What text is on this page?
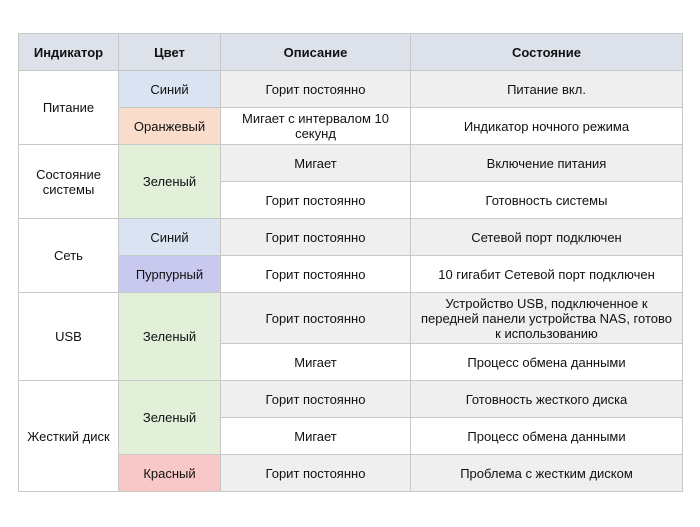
Индикатор	Цвет	Описание	Состояние
Питание	Синий	Горит постоянно	Питание вкл.
	Оранжевый	Мигает с интервалом 10 секунд	Индикатор ночного режима
Состояние системы	Зеленый	Мигает	Включение питания
		Горит постоянно	Готовность системы
Сеть	Синий	Горит постоянно	Сетевой порт подключен
	Пурпурный	Горит постоянно	10 гигабит Сетевой порт подключен
USB	Зеленый	Горит постоянно	Устройство USB, подключенное к передней панели устройства NAS, готово к использованию
		Мигает	Процесс обмена данными
Жесткий диск	Зеленый	Горит постоянно	Готовность жесткого диска
		Мигает	Процесс обмена данными
	Красный	Горит постоянно	Проблема с жестким диском
